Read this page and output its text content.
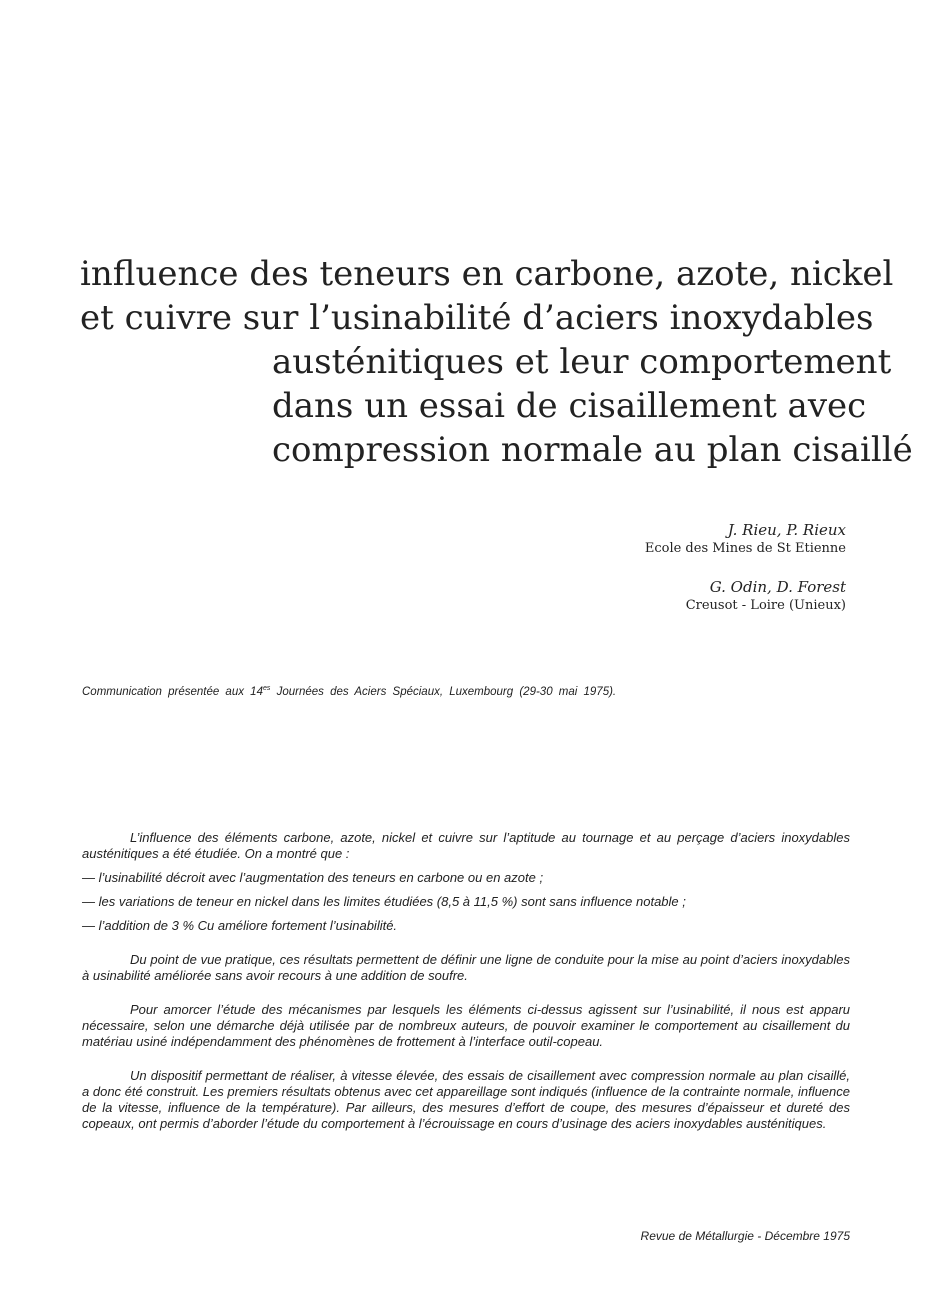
influence des teneurs en carbone, azote, nickel
et cuivre sur l’usinabilité d’aciers inoxydables
austénitiques et leur comportement
dans un essai de cisaillement avec
compression normale au plan cisaillé
J. Rieu, P. Rieux
Ecole des Mines de St Etienne
G. Odin, D. Forest
Creusot - Loire (Unieux)
Communication présentée aux $14^{es}$ Journées des Aciers Spéciaux, Luxembourg (29-30 mai 1975).

L’influence des éléments carbone, azote, nickel et cuivre sur l’aptitude au tournage et au perçage d’aciers inoxydables austénitiques a été étudiée. On a montré que :

— l’usinabilité décroit avec l’augmentation des teneurs en carbone ou en azote ;

— les variations de teneur en nickel dans les limites étudiées (8,5 à 11,5 %) sont sans influence notable ;

— l’addition de 3 % Cu améliore fortement l’usinabilité.

Du point de vue pratique, ces résultats permettent de définir une ligne de conduite pour la mise au point d’aciers inoxydables à usinabilité améliorée sans avoir recours à une addition de soufre.

Pour amorcer l’étude des mécanismes par lesquels les éléments ci-dessus agissent sur l’usinabilité, il nous est apparu nécessaire, selon une démarche déjà utilisée par de nombreux auteurs, de pouvoir examiner le comportement au cisaillement du matériau usiné indépendamment des phénomènes de frottement à l’interface outil-copeau.

Un dispositif permettant de réaliser, à vitesse élevée, des essais de cisaillement avec compression normale au plan cisaillé, a donc été construit. Les premiers résultats obtenus avec cet appareillage sont indiqués (influence de la contrainte normale, influence de la vitesse, influence de la température). Par ailleurs, des mesures d’effort de coupe, des mesures d’épaisseur et dureté des copeaux, ont permis d’aborder l’étude du comportement à l’écrouissage en cours d’usinage des aciers inoxydables austénitiques.

Revue de Métallurgie - Décembre 1975
